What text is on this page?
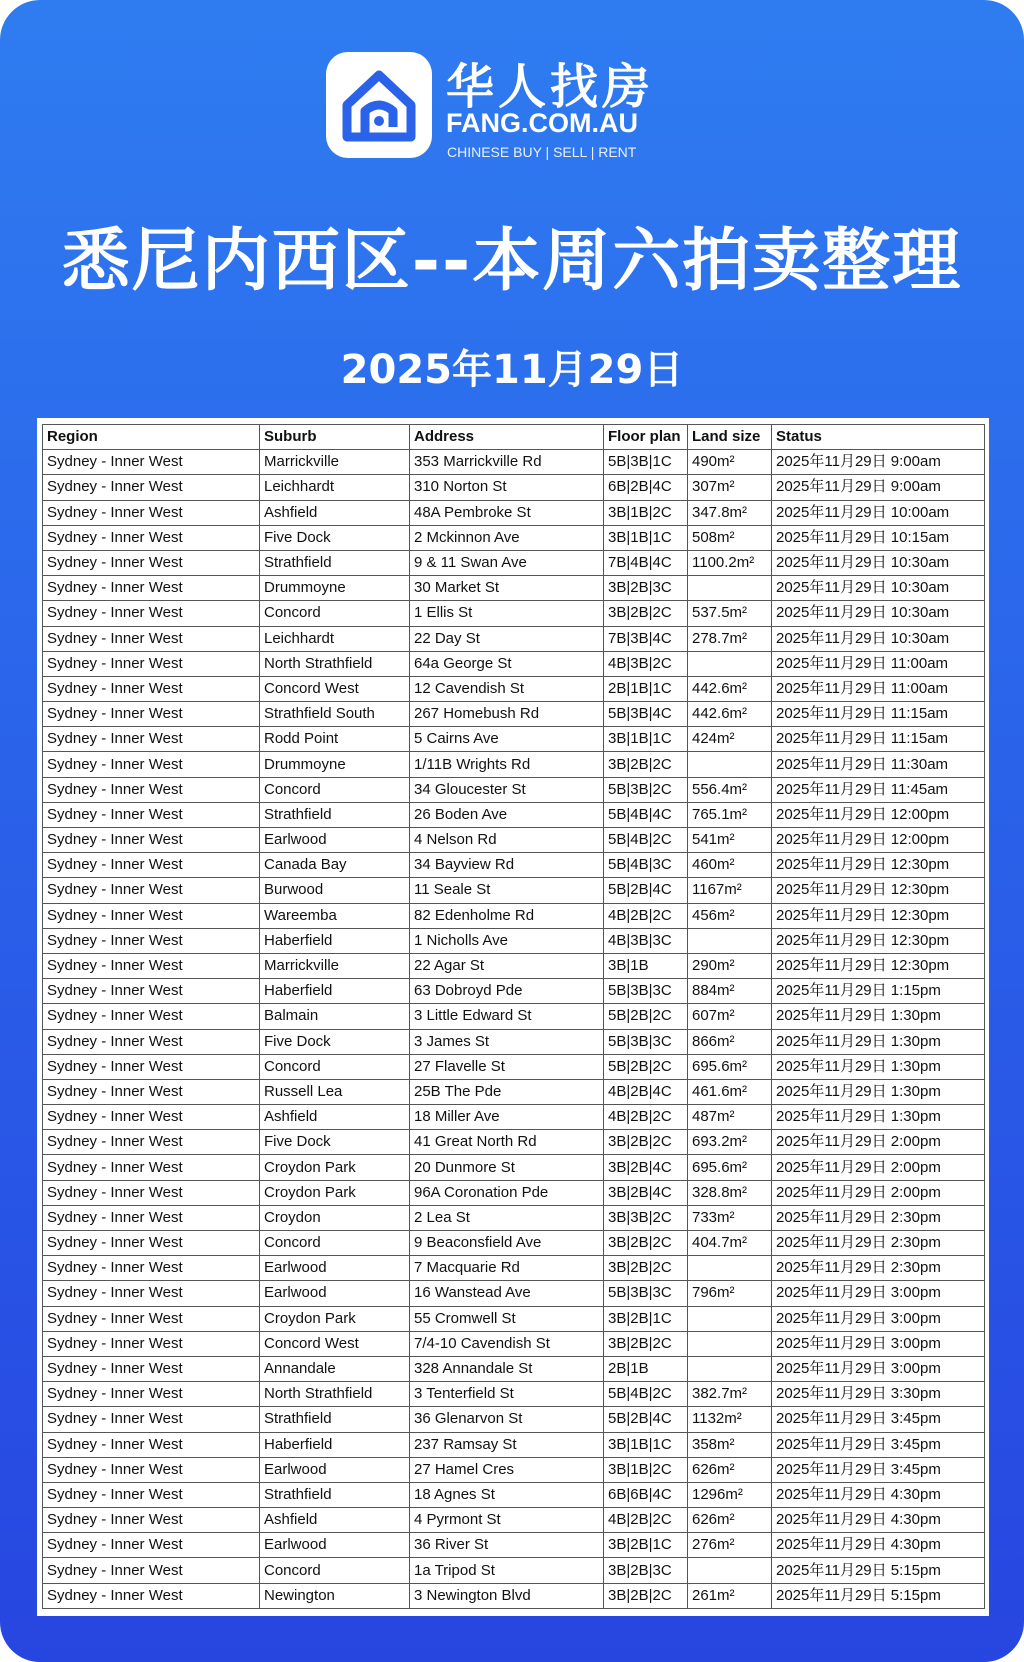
华人找房
FANG.COM.AU
CHINESE BUY | SELL | RENT
悉尼内西区--本周六拍卖整理
2025年11月29日
Region	Suburb	Address	Floor plan	Land size	Status
Sydney - Inner West	Marrickville	353 Marrickville Rd	5B|3B|1C	490m²	2025年11月29日 9:00am
Sydney - Inner West	Leichhardt	310 Norton St	6B|2B|4C	307m²	2025年11月29日 9:00am
Sydney - Inner West	Ashfield	48A Pembroke St	3B|1B|2C	347.8m²	2025年11月29日 10:00am
Sydney - Inner West	Five Dock	2 Mckinnon Ave	3B|1B|1C	508m²	2025年11月29日 10:15am
Sydney - Inner West	Strathfield	9 & 11 Swan Ave	7B|4B|4C	1100.2m²	2025年11月29日 10:30am
Sydney - Inner West	Drummoyne	30 Market St	3B|2B|3C		2025年11月29日 10:30am
Sydney - Inner West	Concord	1 Ellis St	3B|2B|2C	537.5m²	2025年11月29日 10:30am
Sydney - Inner West	Leichhardt	22 Day St	7B|3B|4C	278.7m²	2025年11月29日 10:30am
Sydney - Inner West	North Strathfield	64a George St	4B|3B|2C		2025年11月29日 11:00am
Sydney - Inner West	Concord West	12 Cavendish St	2B|1B|1C	442.6m²	2025年11月29日 11:00am
Sydney - Inner West	Strathfield South	267 Homebush Rd	5B|3B|4C	442.6m²	2025年11月29日 11:15am
Sydney - Inner West	Rodd Point	5 Cairns Ave	3B|1B|1C	424m²	2025年11月29日 11:15am
Sydney - Inner West	Drummoyne	1/11B Wrights Rd	3B|2B|2C		2025年11月29日 11:30am
Sydney - Inner West	Concord	34 Gloucester St	5B|3B|2C	556.4m²	2025年11月29日 11:45am
Sydney - Inner West	Strathfield	26 Boden Ave	5B|4B|4C	765.1m²	2025年11月29日 12:00pm
Sydney - Inner West	Earlwood	4 Nelson Rd	5B|4B|2C	541m²	2025年11月29日 12:00pm
Sydney - Inner West	Canada Bay	34 Bayview Rd	5B|4B|3C	460m²	2025年11月29日 12:30pm
Sydney - Inner West	Burwood	11 Seale St	5B|2B|4C	1167m²	2025年11月29日 12:30pm
Sydney - Inner West	Wareemba	82 Edenholme Rd	4B|2B|2C	456m²	2025年11月29日 12:30pm
Sydney - Inner West	Haberfield	1 Nicholls Ave	4B|3B|3C		2025年11月29日 12:30pm
Sydney - Inner West	Marrickville	22 Agar St	3B|1B	290m²	2025年11月29日 12:30pm
Sydney - Inner West	Haberfield	63 Dobroyd Pde	5B|3B|3C	884m²	2025年11月29日 1:15pm
Sydney - Inner West	Balmain	3 Little Edward St	5B|2B|2C	607m²	2025年11月29日 1:30pm
Sydney - Inner West	Five Dock	3 James St	5B|3B|3C	866m²	2025年11月29日 1:30pm
Sydney - Inner West	Concord	27 Flavelle St	5B|2B|2C	695.6m²	2025年11月29日 1:30pm
Sydney - Inner West	Russell Lea	25B The Pde	4B|2B|4C	461.6m²	2025年11月29日 1:30pm
Sydney - Inner West	Ashfield	18 Miller Ave	4B|2B|2C	487m²	2025年11月29日 1:30pm
Sydney - Inner West	Five Dock	41 Great North Rd	3B|2B|2C	693.2m²	2025年11月29日 2:00pm
Sydney - Inner West	Croydon Park	20 Dunmore St	3B|2B|4C	695.6m²	2025年11月29日 2:00pm
Sydney - Inner West	Croydon Park	96A Coronation Pde	3B|2B|4C	328.8m²	2025年11月29日 2:00pm
Sydney - Inner West	Croydon	2 Lea St	3B|3B|2C	733m²	2025年11月29日 2:30pm
Sydney - Inner West	Concord	9 Beaconsfield Ave	3B|2B|2C	404.7m²	2025年11月29日 2:30pm
Sydney - Inner West	Earlwood	7 Macquarie Rd	3B|2B|2C		2025年11月29日 2:30pm
Sydney - Inner West	Earlwood	16 Wanstead Ave	5B|3B|3C	796m²	2025年11月29日 3:00pm
Sydney - Inner West	Croydon Park	55 Cromwell St	3B|2B|1C		2025年11月29日 3:00pm
Sydney - Inner West	Concord West	7/4-10 Cavendish St	3B|2B|2C		2025年11月29日 3:00pm
Sydney - Inner West	Annandale	328 Annandale St	2B|1B		2025年11月29日 3:00pm
Sydney - Inner West	North Strathfield	3 Tenterfield St	5B|4B|2C	382.7m²	2025年11月29日 3:30pm
Sydney - Inner West	Strathfield	36 Glenarvon St	5B|2B|4C	1132m²	2025年11月29日 3:45pm
Sydney - Inner West	Haberfield	237 Ramsay St	3B|1B|1C	358m²	2025年11月29日 3:45pm
Sydney - Inner West	Earlwood	27 Hamel Cres	3B|1B|2C	626m²	2025年11月29日 3:45pm
Sydney - Inner West	Strathfield	18 Agnes St	6B|6B|4C	1296m²	2025年11月29日 4:30pm
Sydney - Inner West	Ashfield	4 Pyrmont St	4B|2B|2C	626m²	2025年11月29日 4:30pm
Sydney - Inner West	Earlwood	36 River St	3B|2B|1C	276m²	2025年11月29日 4:30pm
Sydney - Inner West	Concord	1a Tripod St	3B|2B|3C		2025年11月29日 5:15pm
Sydney - Inner West	Newington	3 Newington Blvd	3B|2B|2C	261m²	2025年11月29日 5:15pm
